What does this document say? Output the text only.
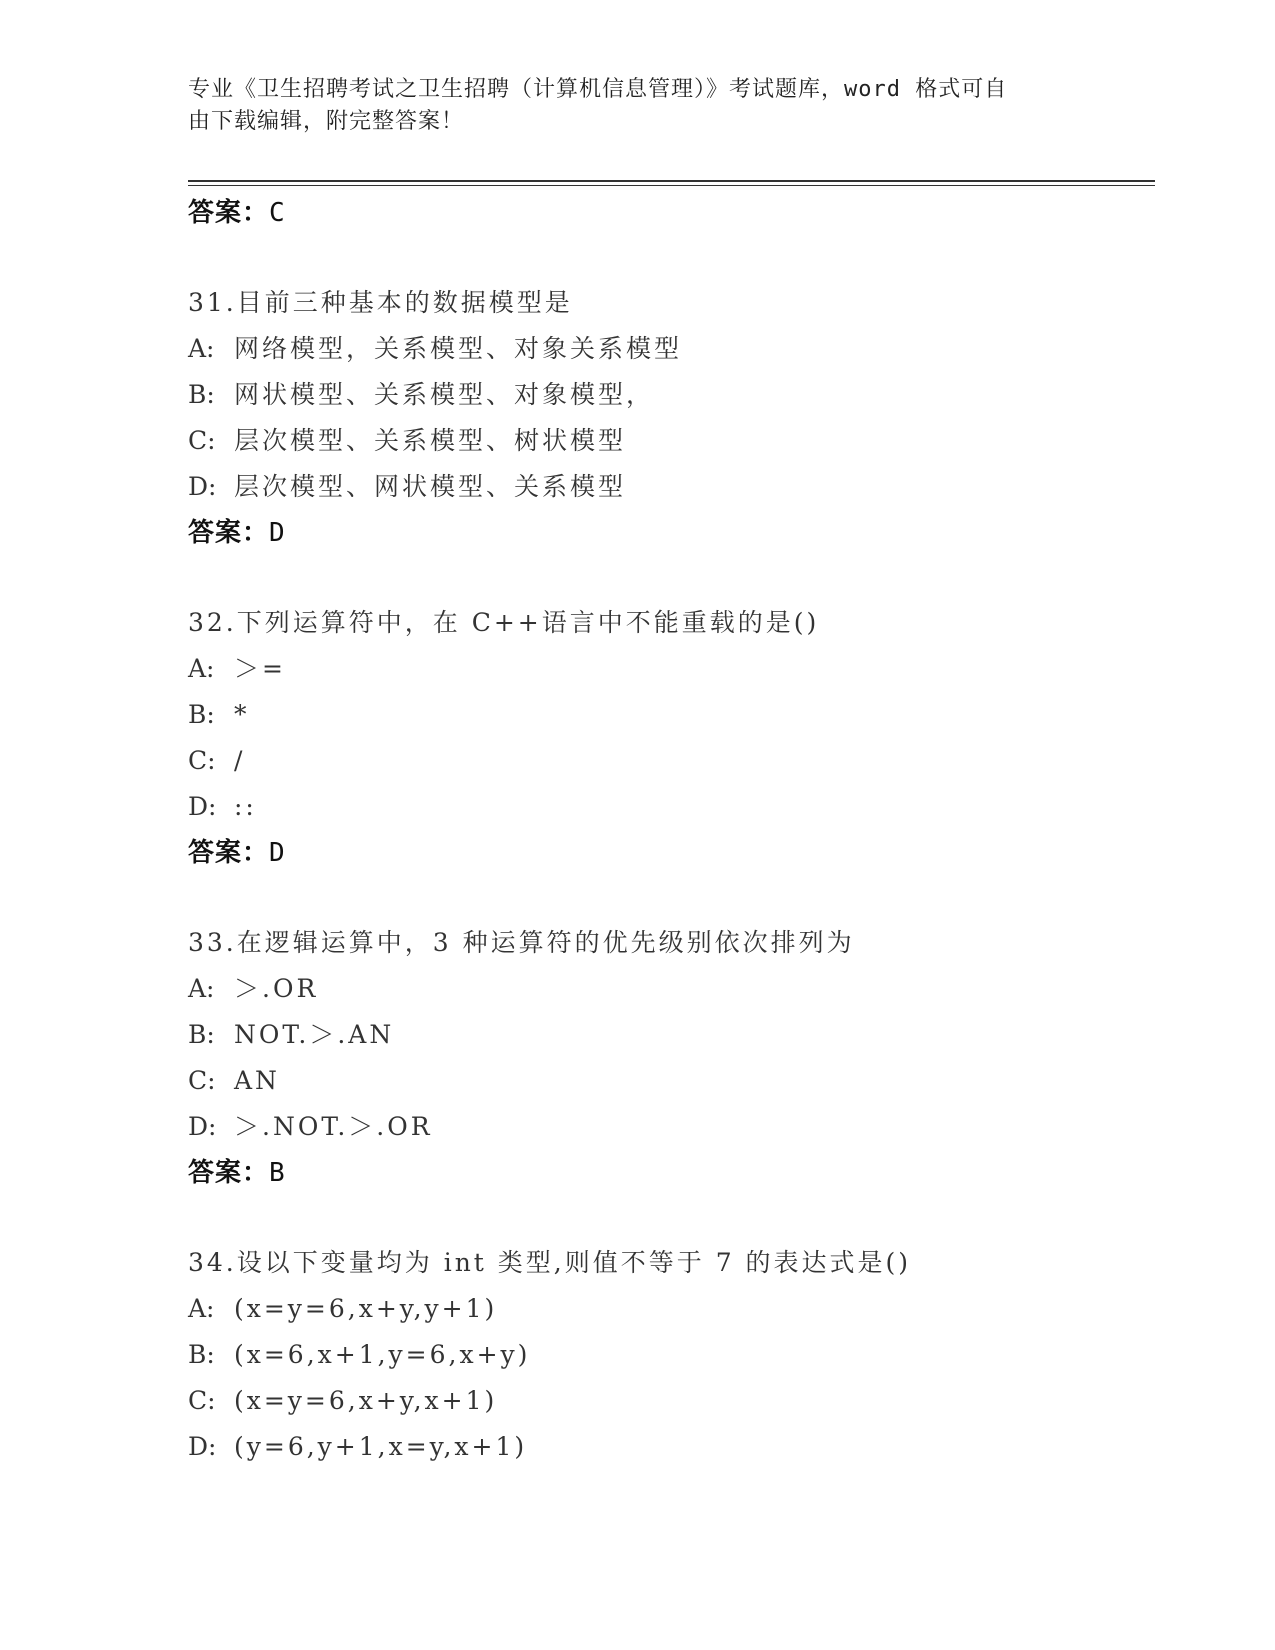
专业《卫生招聘考试之卫生招聘（计算机信息管理）》考试题库，word 格式可自
由下载编辑，附完整答案！
答案：C
31.目前三种基本的数据模型是
A: 网络模型，关系模型、对象关系模型
B: 网状模型、关系模型、对象模型，
C: 层次模型、关系模型、树状模型
D: 层次模型、网状模型、关系模型
答案：D
32.下列运算符中，在 C++语言中不能重载的是()
A: ＞=
B: *
C: /
D: ::
答案：D
33.在逻辑运算中，3 种运算符的优先级别依次排列为
A: ＞.OR
B: NOT.＞.AN
C: AN
D: ＞.NOT.＞.OR
答案：B
34.设以下变量均为 int 类型,则值不等于 7 的表达式是()
A: (x=y=6,x+y,y+1)
B: (x=6,x+1,y=6,x+y)
C: (x=y=6,x+y,x+1)
D: (y=6,y+1,x=y,x+1)
